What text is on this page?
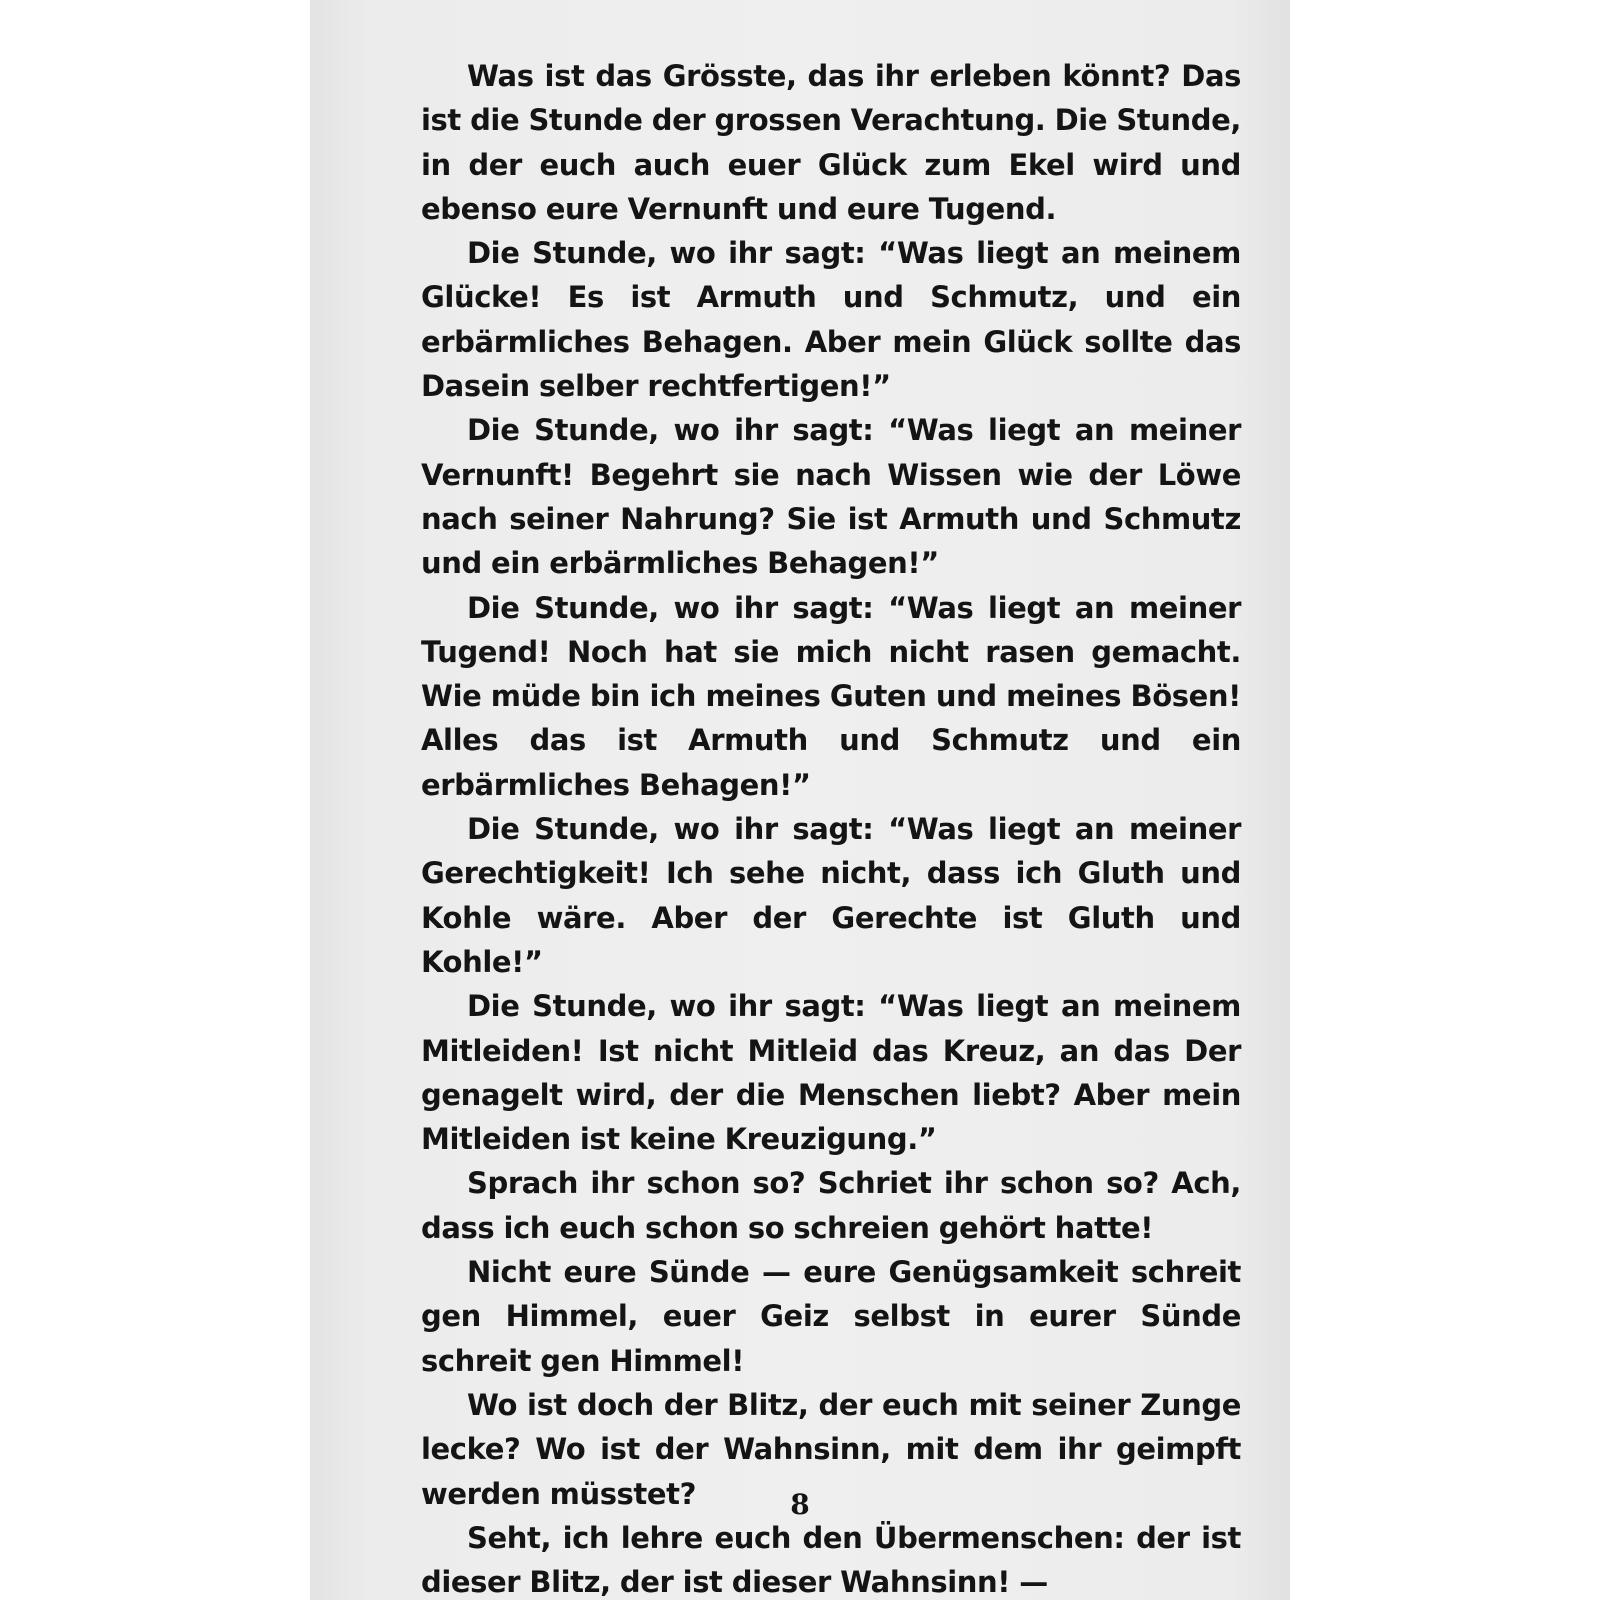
Was ist das Grösste, das ihr erleben könnt? Das ist die Stunde der grossen Verachtung. Die Stunde, in der euch auch euer Glück zum Ekel wird und ebenso eure Vernunft und eure Tugend.

Die Stunde, wo ihr sagt: “Was liegt an meinem Glücke! Es ist Armuth und Schmutz, und ein erbärmliches Behagen. Aber mein Glück sollte das Dasein selber rechtfertigen!”

Die Stunde, wo ihr sagt: “Was liegt an meiner Vernunft! Begehrt sie nach Wissen wie der Löwe nach seiner Nahrung? Sie ist Armuth und Schmutz und ein erbärmliches Behagen!”

Die Stunde, wo ihr sagt: “Was liegt an meiner Tugend! Noch hat sie mich nicht rasen gemacht. Wie müde bin ich meines Guten und meines Bösen! Alles das ist Armuth und Schmutz und ein erbärmliches Behagen!”

Die Stunde, wo ihr sagt: “Was liegt an meiner Gerechtigkeit! Ich sehe nicht, dass ich Gluth und Kohle wäre. Aber der Gerechte ist Gluth und Kohle!”

Die Stunde, wo ihr sagt: “Was liegt an meinem Mitleiden! Ist nicht Mitleid das Kreuz, an das Der genagelt wird, der die Menschen liebt? Aber mein Mitleiden ist keine Kreuzigung.”

Sprach ihr schon so? Schriet ihr schon so? Ach, dass ich euch schon so schreien gehört hatte!

Nicht eure Sünde — eure Genügsamkeit schreit gen Himmel, euer Geiz selbst in eurer Sünde schreit gen Himmel!

Wo ist doch der Blitz, der euch mit seiner Zunge lecke? Wo ist der Wahnsinn, mit dem ihr geimpft werden müsstet?

Seht, ich lehre euch den Übermenschen: der ist dieser Blitz, der ist dieser Wahnsinn! —

8
